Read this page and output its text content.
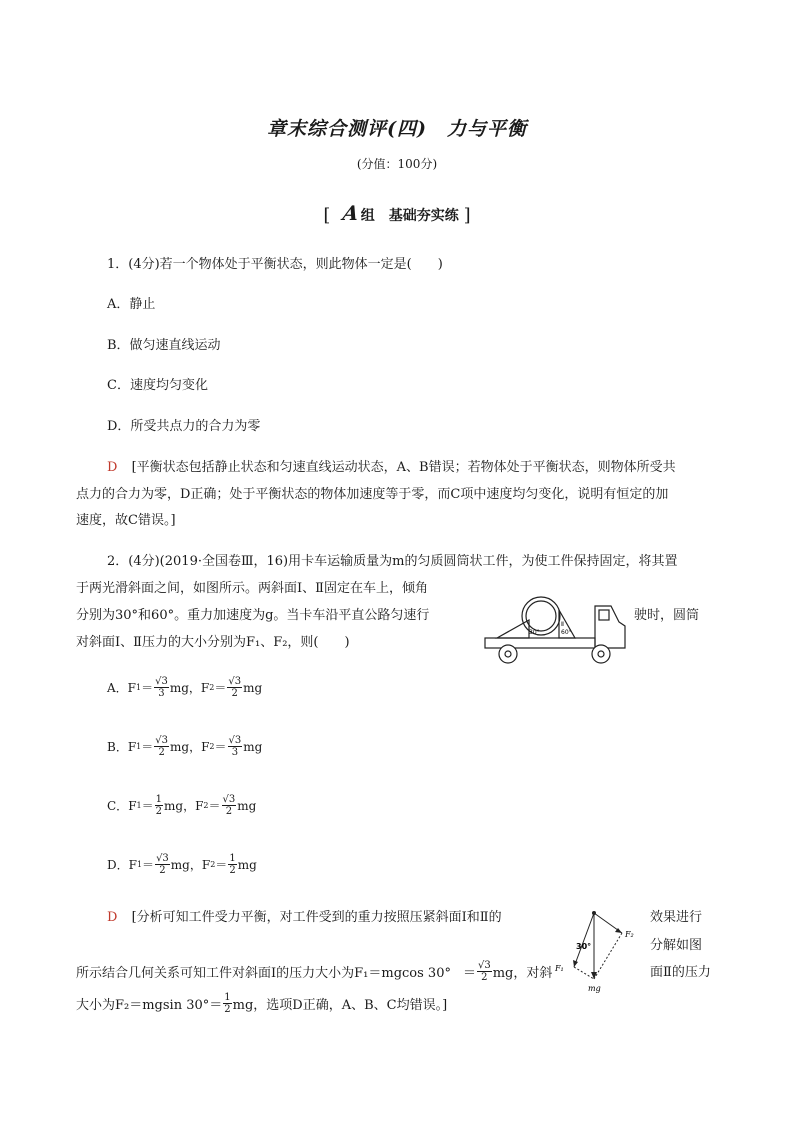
章末综合测评(四)　力与平衡
(分值：100分)
[ A组　基础夯实练 ]
1．(4分)若一个物体处于平衡状态，则此物体一定是(　　)
A．静止
B．做匀速直线运动
C．速度均匀变化
D．所受共点力的合力为零
D [平衡状态包括静止状态和匀速直线运动状态，A、B错误；若物体处于平衡状态，则物体所受共
点力的合力为零，D正确；处于平衡状态的物体加速度等于零，而C项中速度均匀变化，说明有恒定的加
速度，故C错误。]
2．(4分)(2019·全国卷Ⅲ，16)用卡车运输质量为m的匀质圆筒状工件，为使工件保持固定，将其置
于两光滑斜面之间，如图所示。两斜面Ⅰ、Ⅱ固定在车上，倾角
分别为30°和60°。重力加速度为g。当卡车沿平直公路匀速行	驶时，圆筒
对斜面Ⅰ、Ⅱ压力的大小分别为F₁、F₂，则(　　)
30°	60°
Ⅱ
A． F $1 = \frac{√3}{3}$ mg ， F $2 = \frac{√3}{2}$ mg
B． F $1 = \frac{√3}{2}$ mg ， F $2 = \frac{√3}{3}$ mg
C． F $1 = \frac{1}{2}$ mg ， F $2 = \frac{√3}{2}$ mg
D． F $1 = \frac{√3}{2}$ mg ， F $2 = \frac{1}{2}$ mg
D [分析可知工件受力平衡，对工件受到的重力按照压紧斜面Ⅰ和Ⅱ的	效果进行
分解如图
所示结合几何关系可知工件对斜面Ⅰ的压力大小为F₁＝mgcos $30^\circ = \frac{√3}{2}$ mg，对斜	面Ⅱ的压力
大小为F₂＝mgsin $30^\circ= \frac{1}{2}$ mg，选项D正确，A、B、C均错误。]
F₁
F₂
30°
mg
